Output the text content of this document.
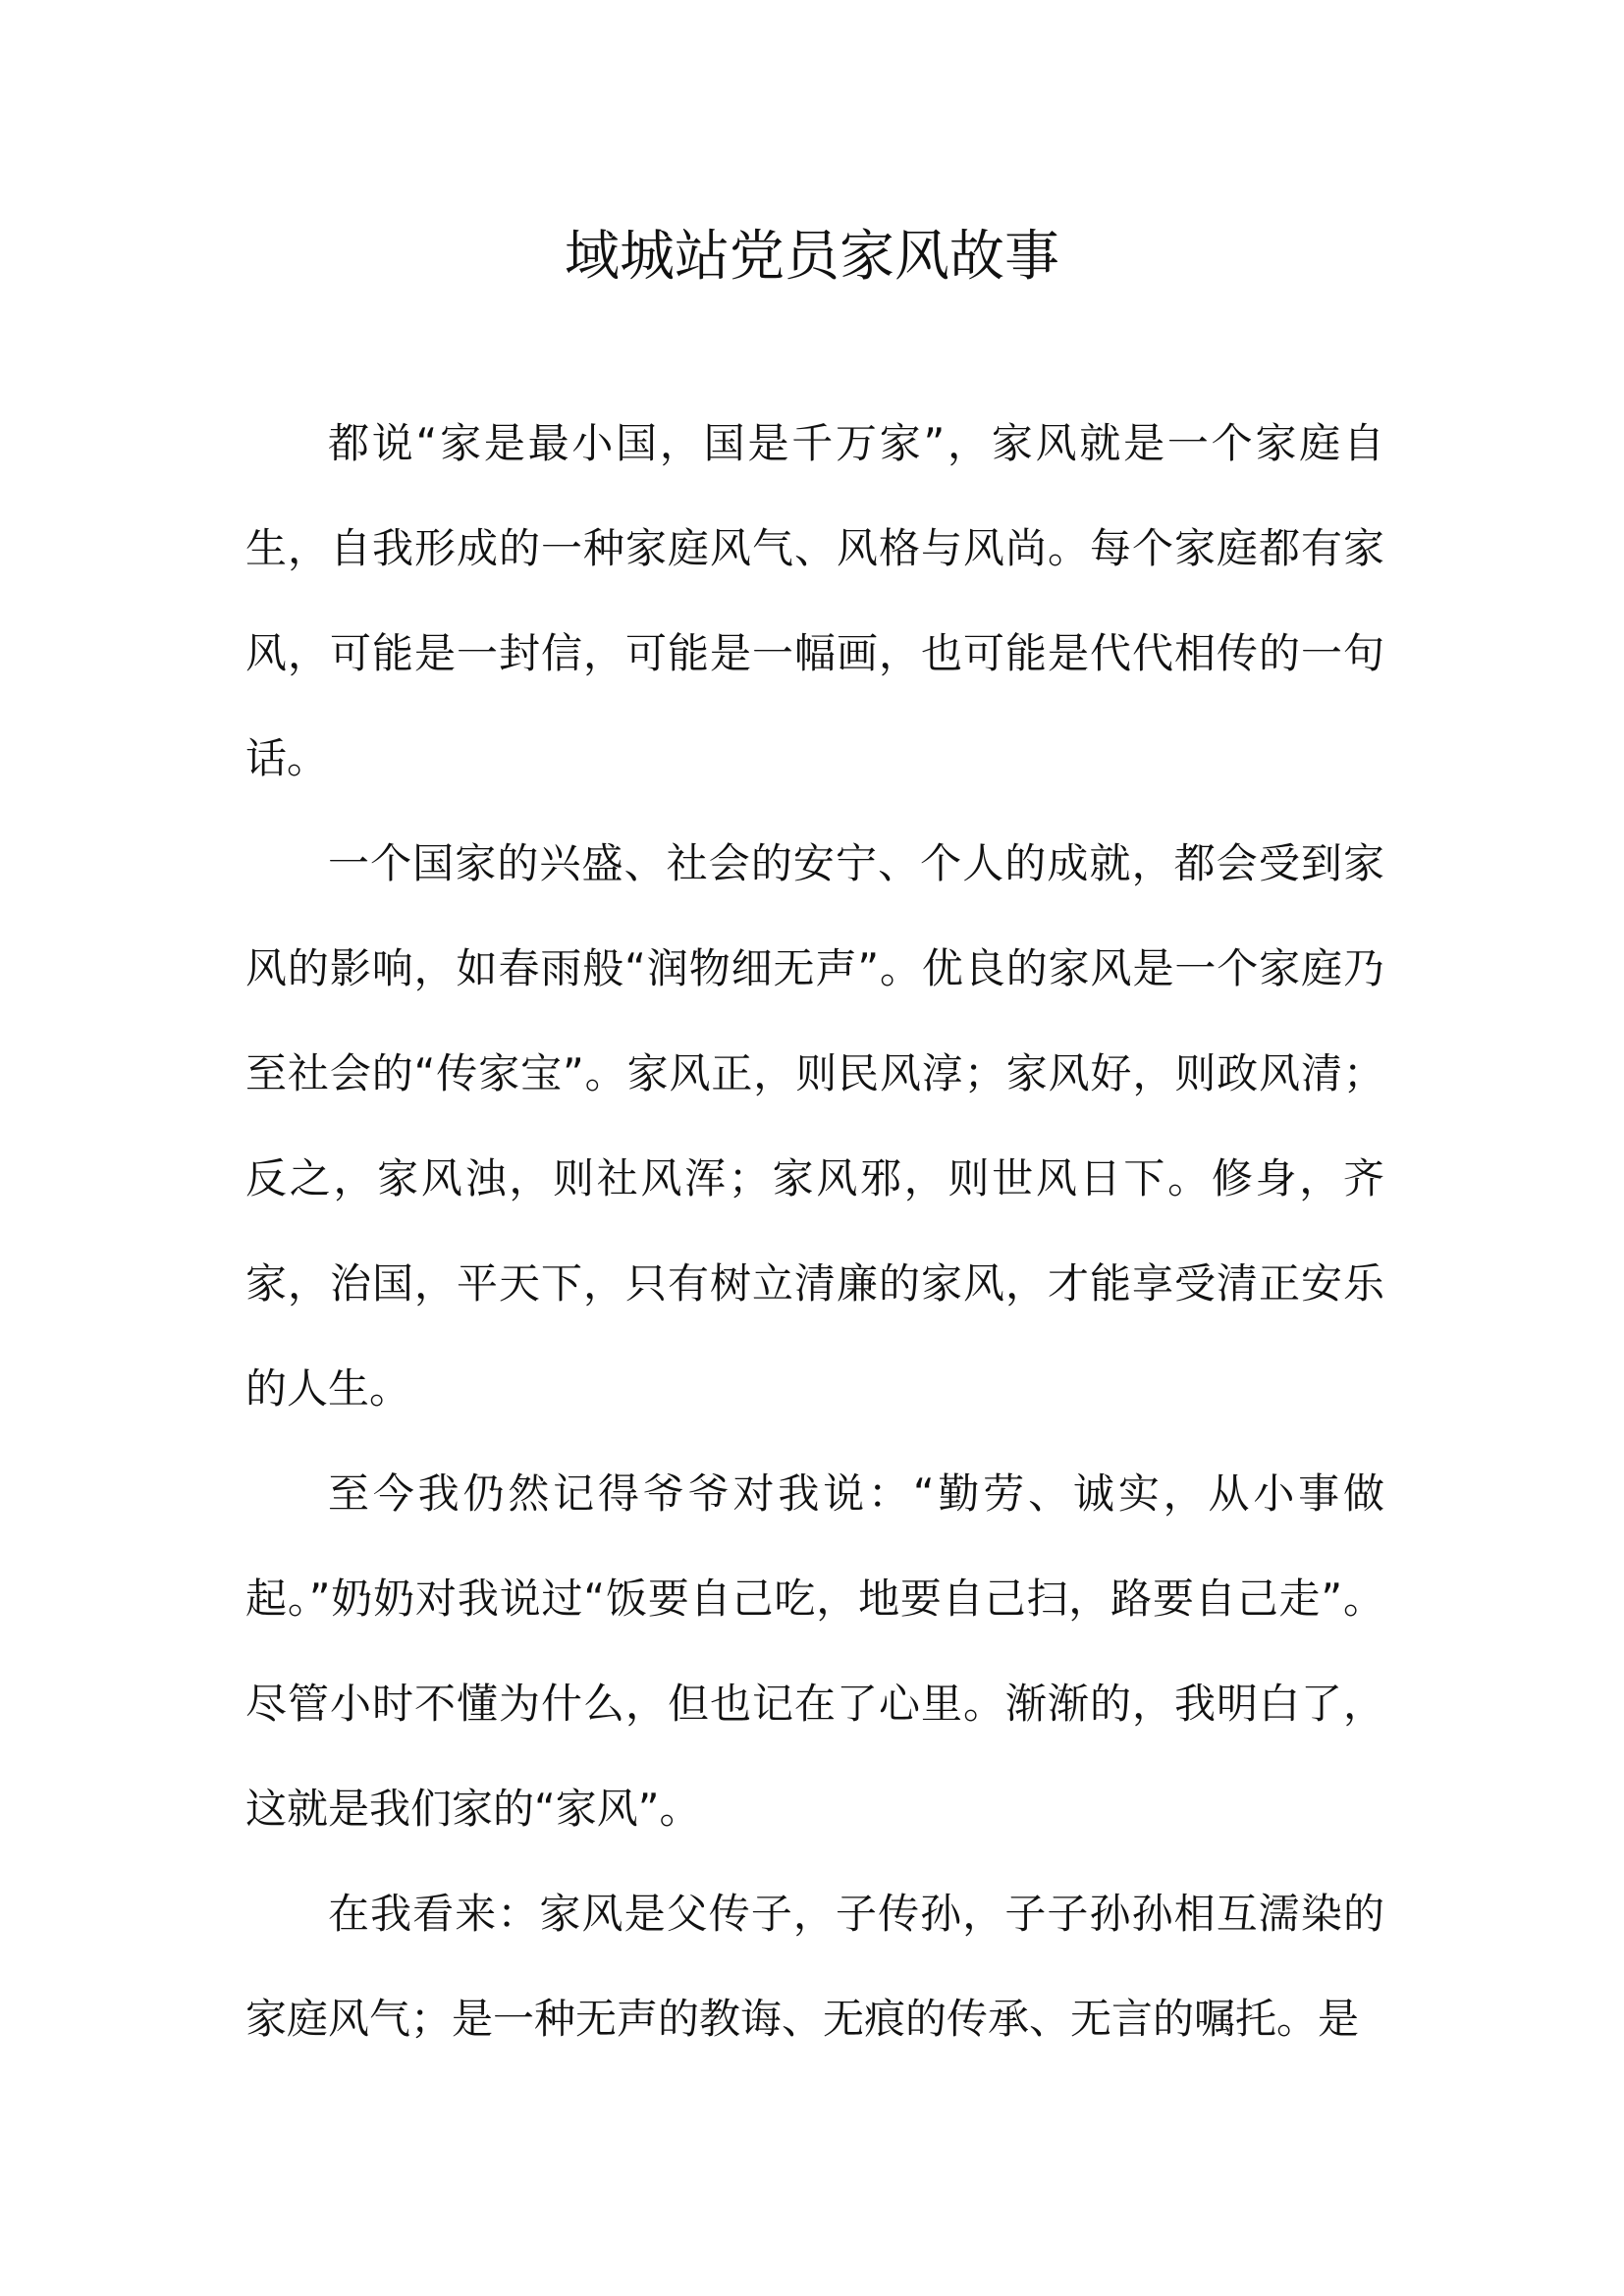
域城站党员家风故事

都说“家是最小国，国是千万家”，家风就是一个家庭自生，自我形成的一种家庭风气、风格与风尚。每个家庭都有家风，可能是一封信，可能是一幅画，也可能是代代相传的一句话。

一个国家的兴盛、社会的安宁、个人的成就，都会受到家风的影响，如春雨般“润物细无声”。优良的家风是一个家庭乃至社会的“传家宝”。家风正，则民风淳；家风好，则政风清；反之，家风浊，则社风浑；家风邪，则世风日下。修身，齐家，治国，平天下，只有树立清廉的家风，才能享受清正安乐的人生。

至今我仍然记得爷爷对我说：“勤劳、诚实，从小事做起。”奶奶对我说过“饭要自己吃，地要自己扫，路要自己走”。尽管小时不懂为什么，但也记在了心里。渐渐的，我明白了，这就是我们家的“家风”。

在我看来：家风是父传子，子传孙，子子孙孙相互濡染的家庭风气；是一种无声的教诲、无痕的传承、无言的嘱托。是
